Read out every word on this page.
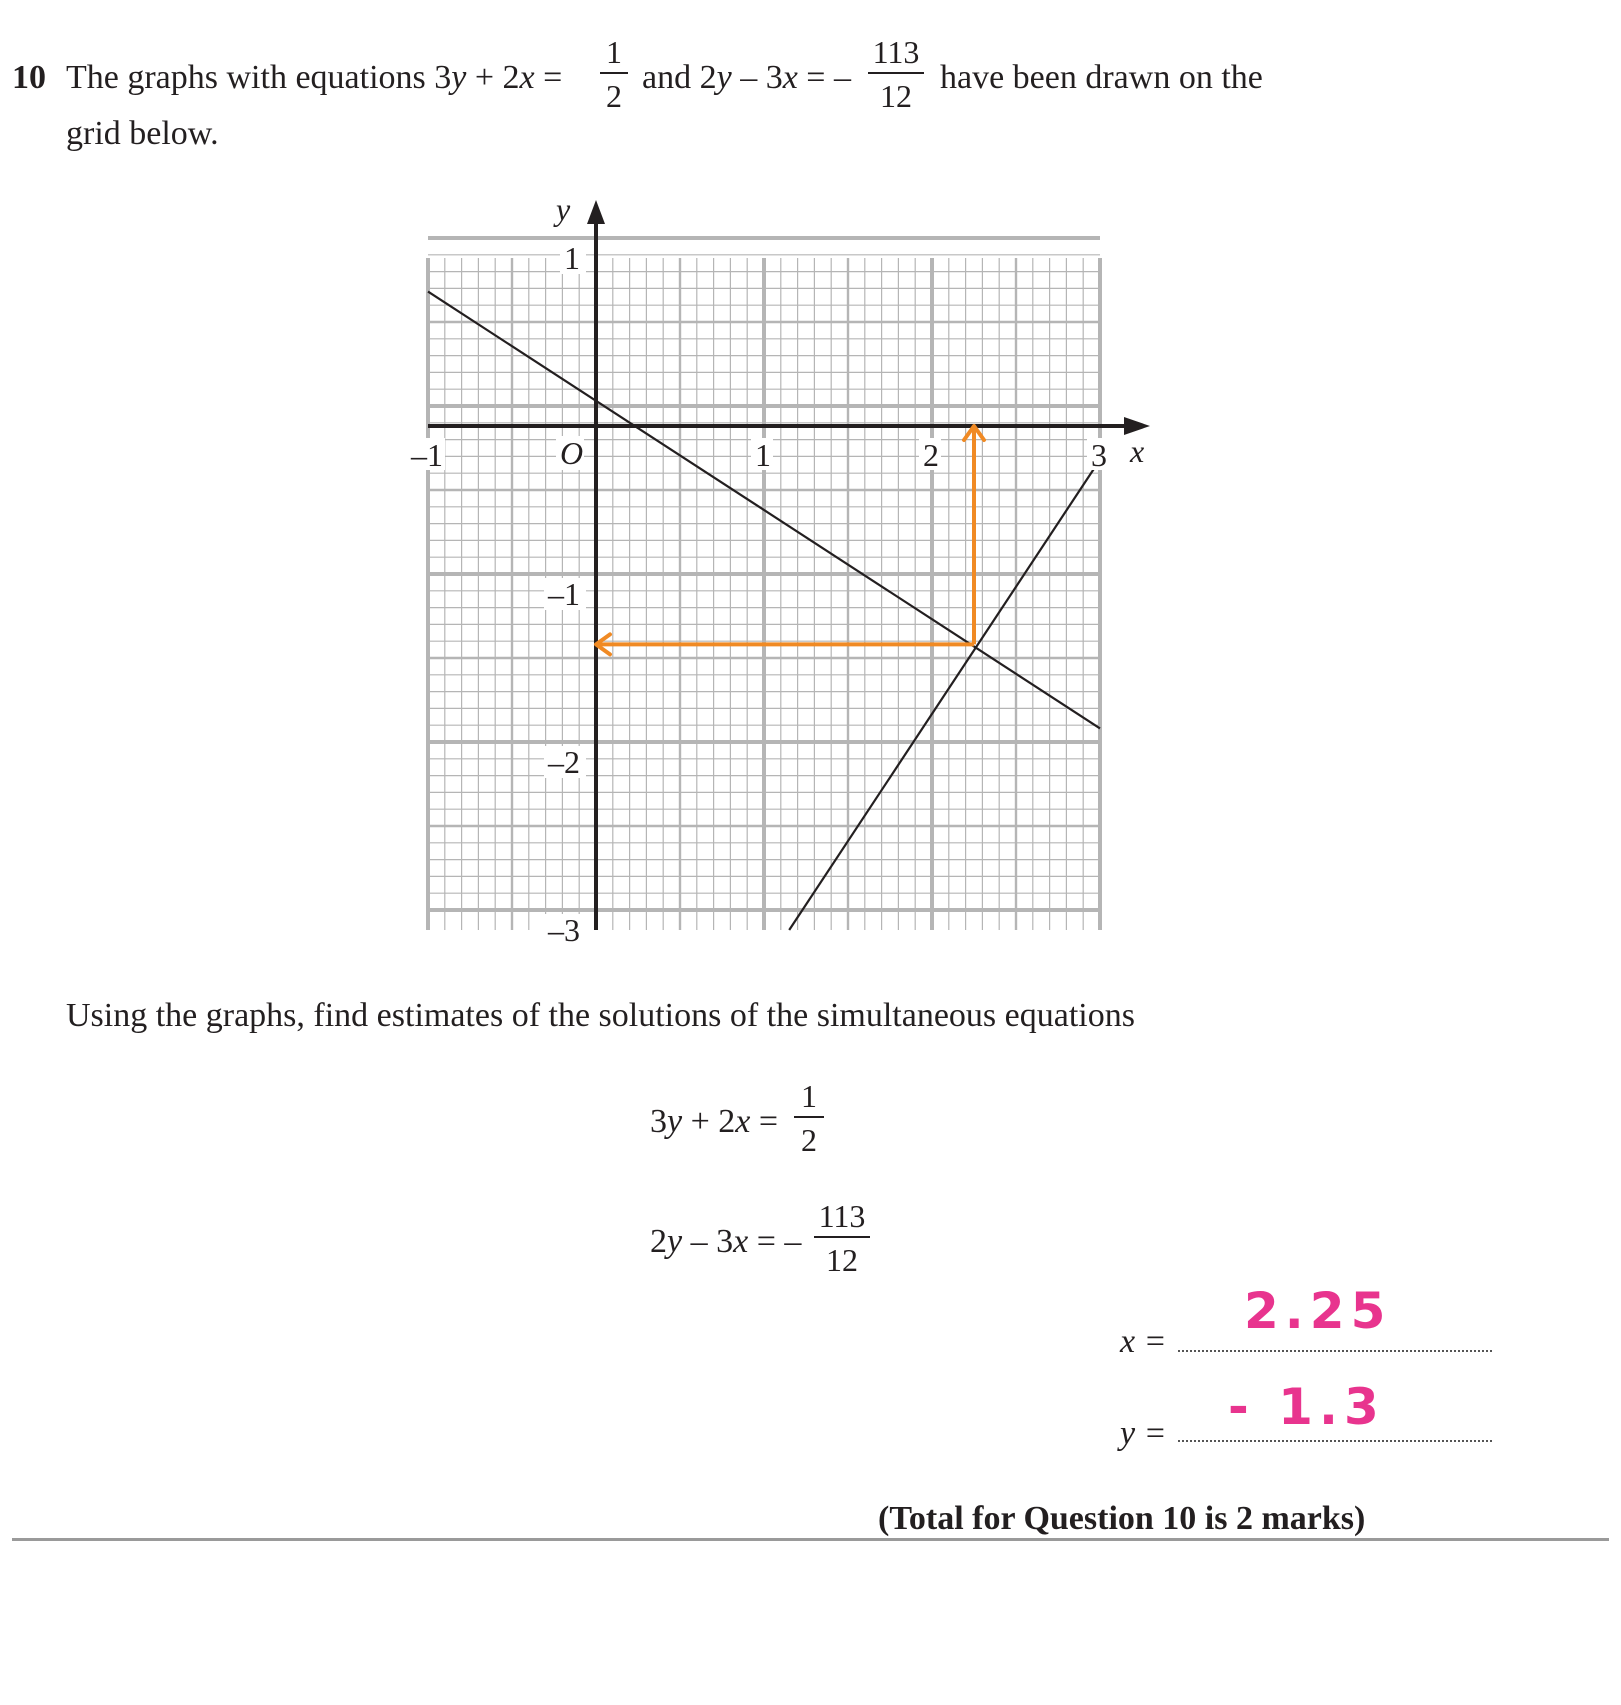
10 The graphs with equations 3y + 2x =
1
2 and 2y – 3x = –
113
12 have been drawn on the
grid below.
–1	1	2	3
1
–1
–2
–3
O	x
y
Using the graphs, find estimates of the solutions of the simultaneous equations
3y + 2x =
1
2
2y – 3x = –
113
12
x =
2.25
y = - 1.3
(Total for Question 10 is 2 marks)
